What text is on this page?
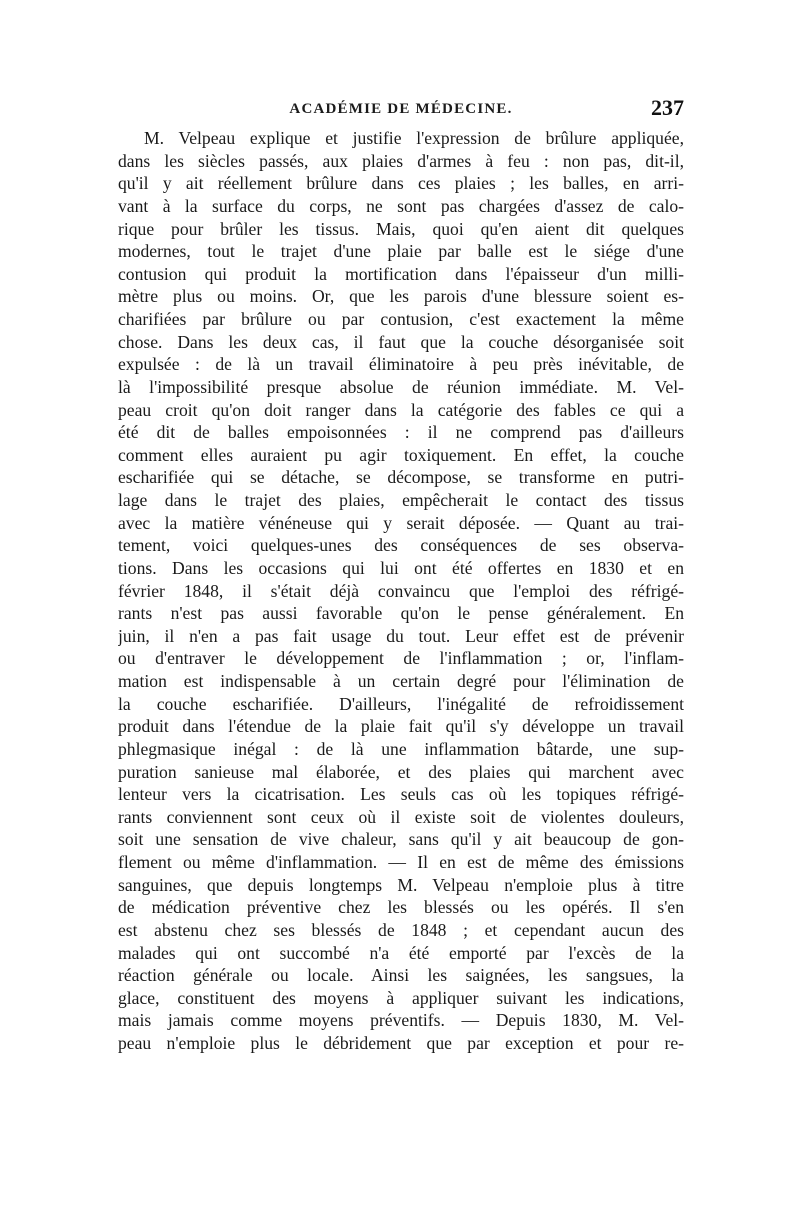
ACADÉMIE DE MÉDECINE.	237
M. Velpeau explique et justifie l'expression de brûlure appliquée,
dans les siècles passés, aux plaies d'armes à feu : non pas, dit-il,
qu'il y ait réellement brûlure dans ces plaies ; les balles, en arri-
vant à la surface du corps, ne sont pas chargées d'assez de calo-
rique pour brûler les tissus. Mais, quoi qu'en aient dit quelques
modernes, tout le trajet d'une plaie par balle est le siége d'une
contusion qui produit la mortification dans l'épaisseur d'un milli-
mètre plus ou moins. Or, que les parois d'une blessure soient es-
charifiées par brûlure ou par contusion, c'est exactement la même
chose. Dans les deux cas, il faut que la couche désorganisée soit
expulsée : de là un travail éliminatoire à peu près inévitable, de
là l'impossibilité presque absolue de réunion immédiate. M. Vel-
peau croit qu'on doit ranger dans la catégorie des fables ce qui a
été dit de balles empoisonnées : il ne comprend pas d'ailleurs
comment elles auraient pu agir toxiquement. En effet, la couche
escharifiée qui se détache, se décompose, se transforme en putri-
lage dans le trajet des plaies, empêcherait le contact des tissus
avec la matière vénéneuse qui y serait déposée. — Quant au trai-
tement, voici quelques-unes des conséquences de ses observa-
tions. Dans les occasions qui lui ont été offertes en 1830 et en
février 1848, il s'était déjà convaincu que l'emploi des réfrigé-
rants n'est pas aussi favorable qu'on le pense généralement. En
juin, il n'en a pas fait usage du tout. Leur effet est de prévenir
ou d'entraver le développement de l'inflammation ; or, l'inflam-
mation est indispensable à un certain degré pour l'élimination de
la couche escharifiée. D'ailleurs, l'inégalité de refroidissement
produit dans l'étendue de la plaie fait qu'il s'y développe un travail
phlegmasique inégal : de là une inflammation bâtarde, une sup-
puration sanieuse mal élaborée, et des plaies qui marchent avec
lenteur vers la cicatrisation. Les seuls cas où les topiques réfrigé-
rants conviennent sont ceux où il existe soit de violentes douleurs,
soit une sensation de vive chaleur, sans qu'il y ait beaucoup de gon-
flement ou même d'inflammation. — Il en est de même des émissions
sanguines, que depuis longtemps M. Velpeau n'emploie plus à titre
de médication préventive chez les blessés ou les opérés. Il s'en
est abstenu chez ses blessés de 1848 ; et cependant aucun des
malades qui ont succombé n'a été emporté par l'excès de la
réaction générale ou locale. Ainsi les saignées, les sangsues, la
glace, constituent des moyens à appliquer suivant les indications,
mais jamais comme moyens préventifs. — Depuis 1830, M. Vel-
peau n'emploie plus le débridement que par exception et pour re-
